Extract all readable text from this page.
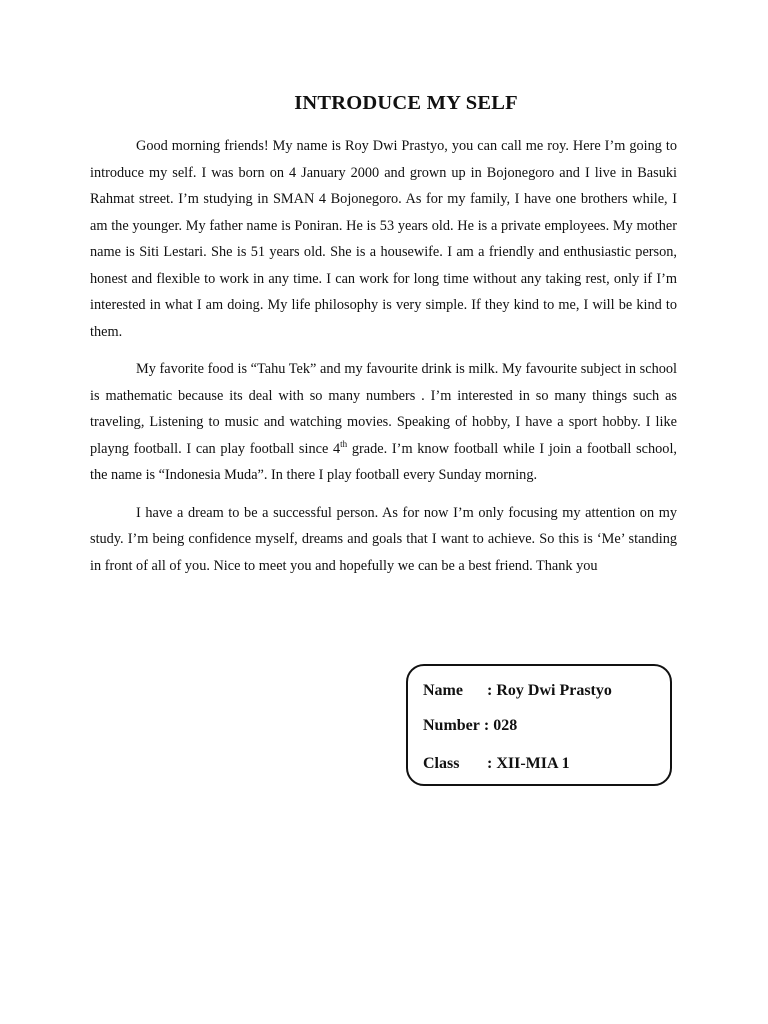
INTRODUCE MY SELF

Good morning friends! My name is Roy Dwi Prastyo, you can call me roy. Here I’m going to introduce my self. I was born on 4 January 2000 and grown up in Bojonegoro and I live in Basuki Rahmat street. I’m studying in SMAN 4 Bojonegoro. As for my family, I have one brothers while, I am the younger. My father name is Poniran. He is 53 years old. He is a private employees. My mother name is Siti Lestari. She is 51 years old. She is a housewife. I am a friendly and enthusiastic person, honest and flexible to work in any time. I can work for long time without any taking rest, only if I’m interested in what I am doing. My life philosophy is very simple. If they kind to me, I will be kind to them.

My favorite food is “Tahu Tek” and my favourite drink is milk. My favourite subject in school is mathematic because its deal with so many numbers . I’m interested in so many things such as traveling, Listening to music and watching movies. Speaking of hobby, I have a sport hobby. I like playng football. I can play football since 4th grade. I’m know football while I join a football school, the name is “Indonesia Muda”. In there I play football every Sunday morning.

I have a dream to be a successful person. As for now I’m only focusing my attention on my study. I’m being confidence myself, dreams and goals that I want to achieve. So this is ‘Me’ standing in front of all of you. Nice to meet you and hopefully we can be a best friend. Thank you

Name : Roy Dwi Prastyo
Number : 028
Class : XII-MIA 1
